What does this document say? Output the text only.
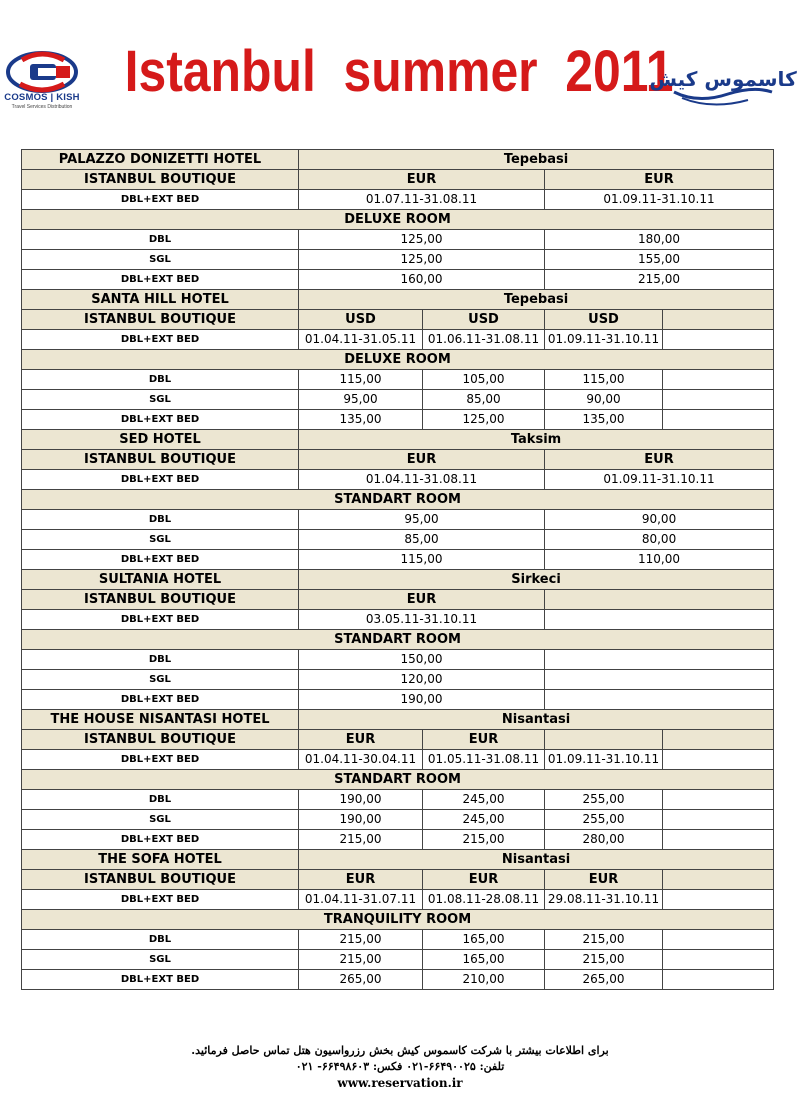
COSMOS | KISH
Travel Services Distribution
Istanbul  summer  2011
کاسموس کیش
PALAZZO DONIZETTI HOTEL	Tepebasi			
ISTANBUL BOUTIQUE	EUR		EUR	
DBL+EXT BED	01.07.11-31.08.11		01.09.11-31.10.11	
DELUXE ROOM				
DBL	125,00		180,00	
SGL	125,00		155,00	
DBL+EXT BED	160,00		215,00	
SANTA HILL HOTEL	Tepebasi			
ISTANBUL BOUTIQUE	USD	USD	USD	
DBL+EXT BED	01.04.11-31.05.11	01.06.11-31.08.11	01.09.11-31.10.11	
DELUXE ROOM				
DBL	115,00	105,00	115,00	
SGL	95,00	85,00	90,00	
DBL+EXT BED	135,00	125,00	135,00	
SED HOTEL	Taksim			
ISTANBUL BOUTIQUE	EUR		EUR	
DBL+EXT BED	01.04.11-31.08.11		01.09.11-31.10.11	
STANDART ROOM				
DBL	95,00		90,00	
SGL	85,00		80,00	
DBL+EXT BED	115,00		110,00	
SULTANIA HOTEL	Sirkeci			
ISTANBUL BOUTIQUE	EUR			
DBL+EXT BED	03.05.11-31.10.11			
STANDART ROOM				
DBL	150,00			
SGL	120,00			
DBL+EXT BED	190,00			
THE HOUSE NISANTASI HOTEL	Nisantasi			
ISTANBUL BOUTIQUE	EUR	EUR		
DBL+EXT BED	01.04.11-30.04.11	01.05.11-31.08.11	01.09.11-31.10.11	
STANDART ROOM				
DBL	190,00	245,00	255,00	
SGL	190,00	245,00	255,00	
DBL+EXT BED	215,00	215,00	280,00	
THE SOFA HOTEL	Nisantasi			
ISTANBUL BOUTIQUE	EUR	EUR	EUR	
DBL+EXT BED	01.04.11-31.07.11	01.08.11-28.08.11	29.08.11-31.10.11	
TRANQUILITY ROOM				
DBL	215,00	165,00	215,00	
SGL	215,00	165,00	215,00	
DBL+EXT BED	265,00	210,00	265,00	
برای اطلاعات بیشتر با شرکت کاسموس کیش بخش رزرواسیون هتل تماس حاصل فرمائید.
تلفن: ۶۶۴۹۰۰۲۵-۰۲۱ فکس: ۶۶۴۹۸۶۰۳- ۰۲۱
www.reservation.ir
